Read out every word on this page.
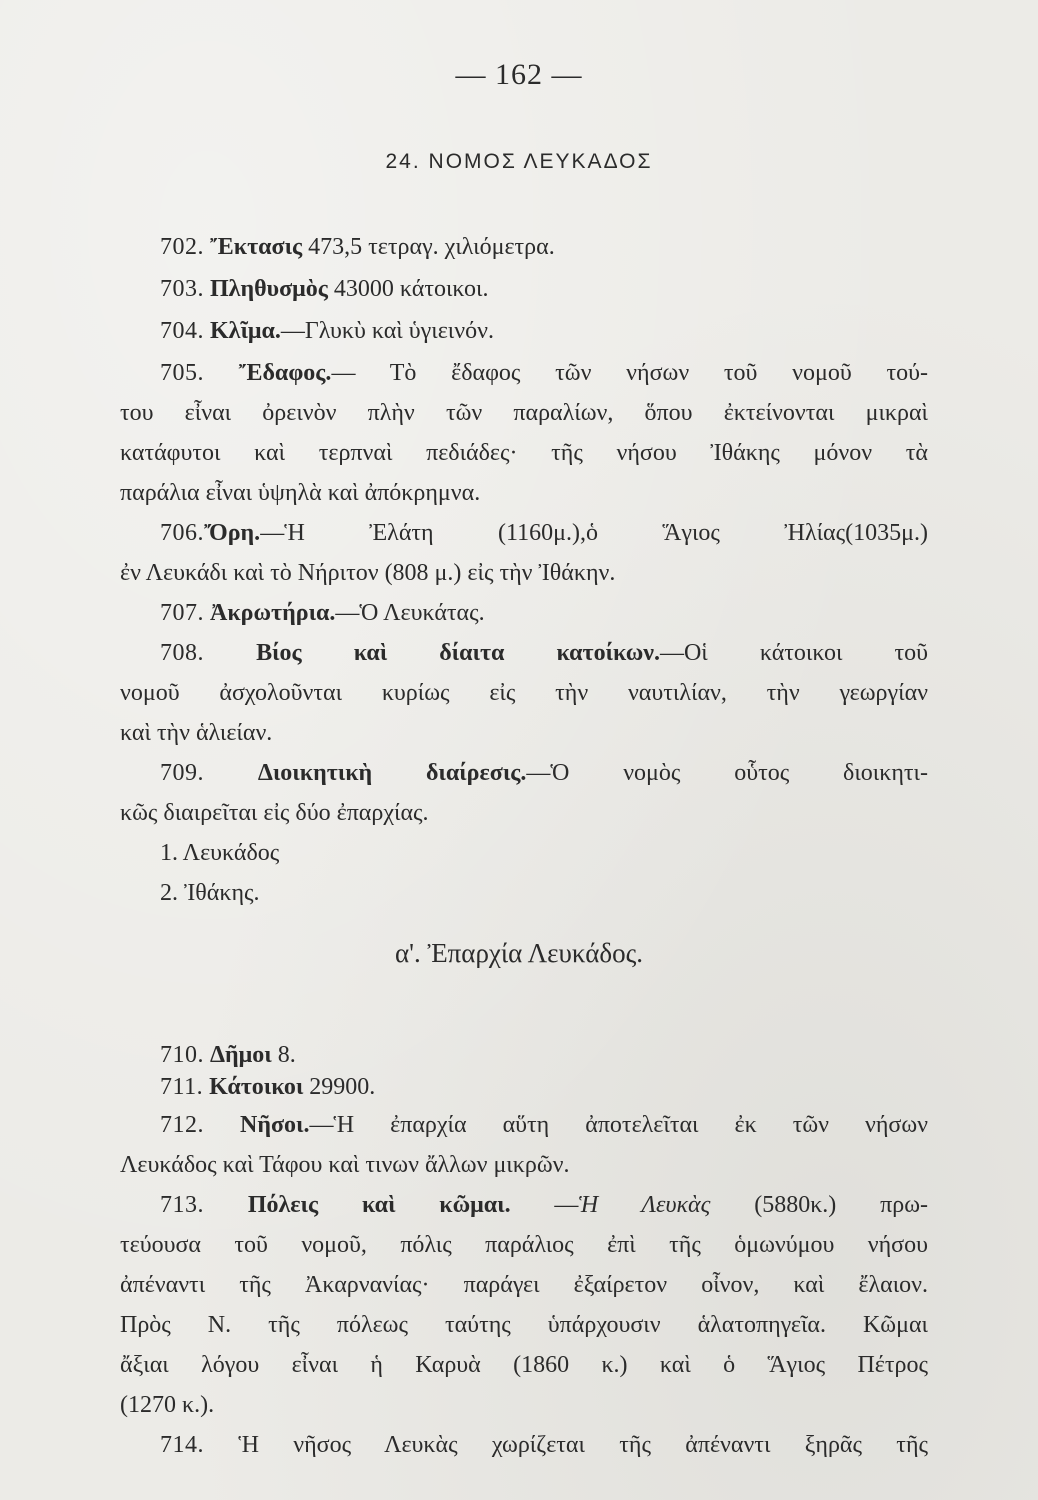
— 162 —
24. ΝΟΜΟΣ ΛΕΥΚΑΔΟΣ
702. Ἔκτασις 473,5 τετραγ. χιλιόμετρα.
703. Πληθυσμὸς 43000 κάτοικοι.
704. Κλῖμα.—Γλυκὺ καὶ ὑγιεινόν.
705. Ἔδαφος.— Τὸ ἔδαφος τῶν νήσων τοῦ νομοῦ τού-
του εἶναι ὀρεινὸν πλὴν τῶν παραλίων, ὅπου ἐκτείνονται μικραὶ
κατάφυτοι καὶ τερπναὶ πεδιάδες· τῆς νήσου Ἰθάκης μόνον τὰ
παράλια εἶναι ὑψηλὰ καὶ ἀπόκρημνα.
706.Ὄρη.—Ἡ Ἐλάτη (1160μ.),ὁ Ἅγιος Ἠλίας(1035μ.)
ἐν Λευκάδι καὶ τὸ Νήριτον (808 μ.) εἰς τὴν Ἰθάκην.
707. Ἀκρωτήρια.—Ὁ Λευκάτας.
708. Βίος καὶ δίαιτα κατοίκων.—Οἱ κάτοικοι τοῦ
νομοῦ ἀσχολοῦνται κυρίως εἰς τὴν ναυτιλίαν, τὴν γεωργίαν
καὶ τὴν ἁλιείαν.
709. Διοικητικὴ διαίρεσις.—Ὁ νομὸς οὗτος διοικητι-
κῶς διαιρεῖται εἰς δύο ἐπαρχίας.
1. Λευκάδος
2. Ἰθάκης.
α'. Ἐπαρχία Λευκάδος.
710. Δῆμοι 8.
711. Κάτοικοι 29900.
712. Νῆσοι.—Ἡ ἐπαρχία αὕτη ἀποτελεῖται ἐκ τῶν νήσων
Λευκάδος καὶ Τάφου καὶ τινων ἄλλων μικρῶν.
713. Πόλεις καὶ κῶμαι. —Ἡ Λευκὰς (5880κ.) πρω-
τεύουσα τοῦ νομοῦ, πόλις παράλιος ἐπὶ τῆς ὁμωνύμου νήσου
ἀπέναντι τῆς Ἀκαρνανίας· παράγει ἐξαίρετον οἶνον, καὶ ἔλαιον.
Πρὸς Ν. τῆς πόλεως ταύτης ὑπάρχουσιν ἁλατοπηγεῖα. Κῶμαι
ἄξιαι λόγου εἶναι ἡ Καρυὰ (1860 κ.) καὶ ὁ Ἅγιος Πέτρος
(1270 κ.).
714. Ἡ νῆσος Λευκὰς χωρίζεται τῆς ἀπέναντι ξηρᾶς τῆς
